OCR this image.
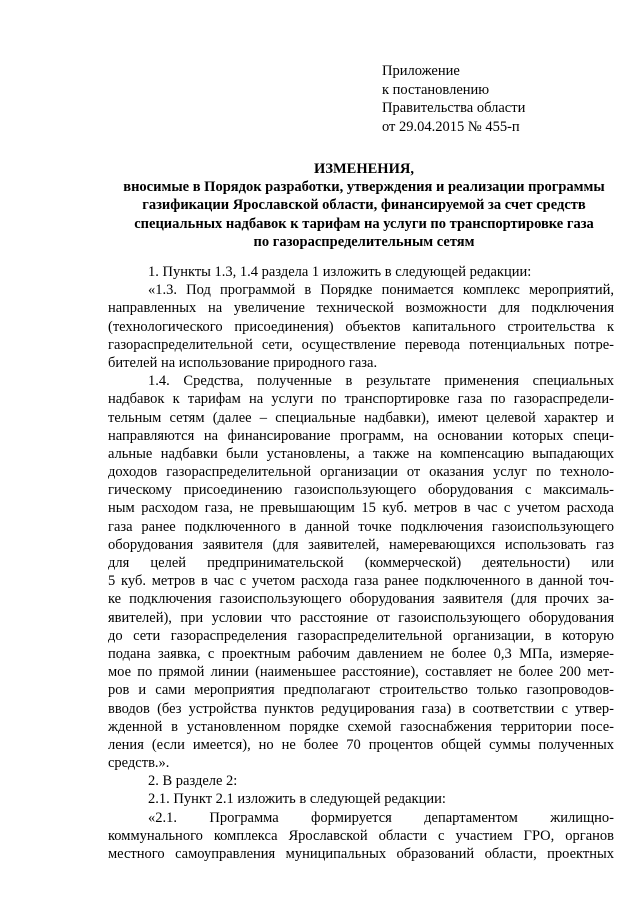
Приложение
к постановлению
Правительства области
от 29.04.2015 № 455-п
ИЗМЕНЕНИЯ,
вносимые в Порядок разработки, утверждения и реализации программы
газификации Ярославской области, финансируемой за счет средств
специальных надбавок к тарифам на услуги по транспортировке газа
по газораспределительным сетям
1. Пункты 1.3, 1.4 раздела 1 изложить в следующей редакции:
«1.3. Под программой в Порядке понимается комплекс мероприятий,
направленных на увеличение технической возможности для подключения
(технологического присоединения) объектов капитального строительства к
газораспределительной сети, осуществление перевода потенциальных потре-
бителей на использование природного газа.
1.4. Средства, полученные в результате применения специальных
надбавок к тарифам на услуги по транспортировке газа по газораспредели-
тельным сетям (далее – специальные надбавки), имеют целевой характер и
направляются на финансирование программ, на основании которых специ-
альные надбавки были установлены, а также на компенсацию выпадающих
доходов газораспределительной организации от оказания услуг по техноло-
гическому присоединению газоиспользующего оборудования с максималь-
ным расходом газа, не превышающим 15 куб. метров в час с учетом расхода
газа ранее подключенного в данной точке подключения газоиспользующего
оборудования заявителя (для заявителей, намеревающихся использовать газ
для целей предпринимательской (коммерческой) деятельности) или
5 куб. метров в час с учетом расхода газа ранее подключенного в данной точ-
ке подключения газоиспользующего оборудования заявителя (для прочих за-
явителей), при условии что расстояние от газоиспользующего оборудования
до сети газораспределения газораспределительной организации, в которую
подана заявка, с проектным рабочим давлением не более 0,3 МПа, измеряе-
мое по прямой линии (наименьшее расстояние), составляет не более 200 мет-
ров и сами мероприятия предполагают строительство только газопроводов-
вводов (без устройства пунктов редуцирования газа) в соответствии с утвер-
жденной в установленном порядке схемой газоснабжения территории посе-
ления (если имеется), но не более 70 процентов общей суммы полученных
средств.».
2. В разделе 2:
2.1. Пункт 2.1 изложить в следующей редакции:
«2.1. Программа формируется департаментом жилищно-
коммунального комплекса Ярославской области с участием ГРО, органов
местного самоуправления муниципальных образований области, проектных
